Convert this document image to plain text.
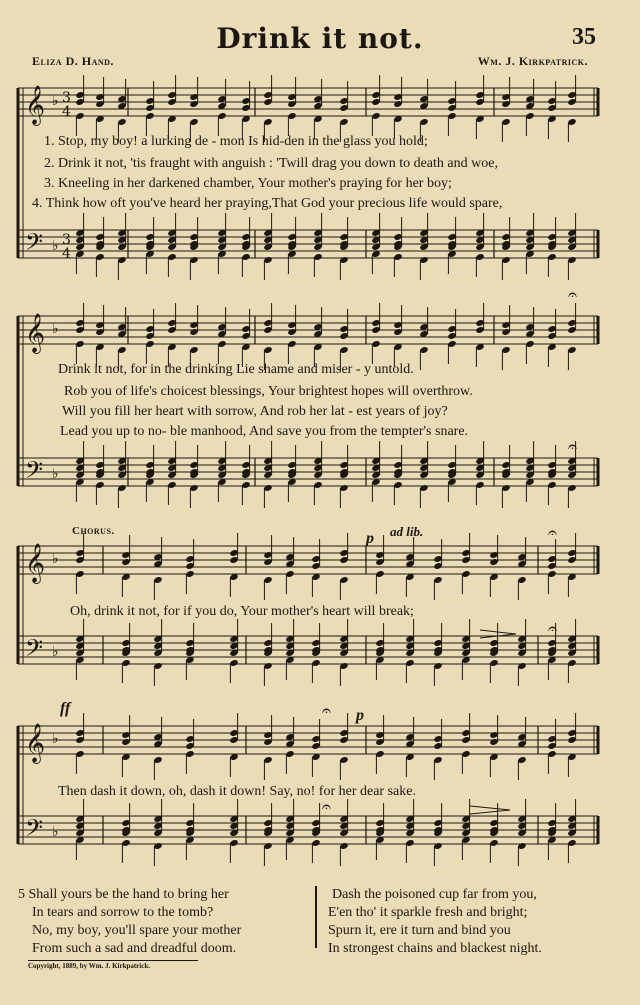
𝄞
𝄢
♭
♭
3
4
3
4
𝄞
𝄢
♭
♭
𝄞
𝄢
♭
♭
𝄞
𝄢
♭
♭
𝄐
𝄐
𝄐
𝄐
𝄐
𝄐
Drink it not.	35
Eliza D. Hand.	Wm. J. Kirkpatrick.
1. Stop, my boy! a lurking de - mon Is hid-den in the glass you hold;
2. Drink it not, 'tis fraught with anguish : 'Twill drag you down to death and woe,
3. Kneeling in her darkened chamber, Your mother's praying for her boy;
4. Think how oft you've heard her praying,That God your precious life would spare,
Drink it not, for in the drinking Lie shame and miser - y untold.
Rob you of life's choicest blessings, Your brightest hopes will overthrow.
Will you fill her heart with sorrow, And rob her lat - est years of joy?
Lead you up to no- ble manhood, And save you from the tempter's snare.
Chorus.	p ad lib.
Oh, drink it not, for if you do, Your mother's heart will break;
ff	p
Then dash it down, oh, dash it down! Say, no! for her dear sake.
5 Shall yours be the hand to bring her
In tears and sorrow to the tomb?
No, my boy, you'll spare your mother
From such a sad and dreadful doom.
Dash the poisoned cup far from you,
E'en tho' it sparkle fresh and bright;
Spurn it, ere it turn and bind you
In strongest chains and blackest night.
Copyright, 1889, by Wm. J. Kirkpatrick.
